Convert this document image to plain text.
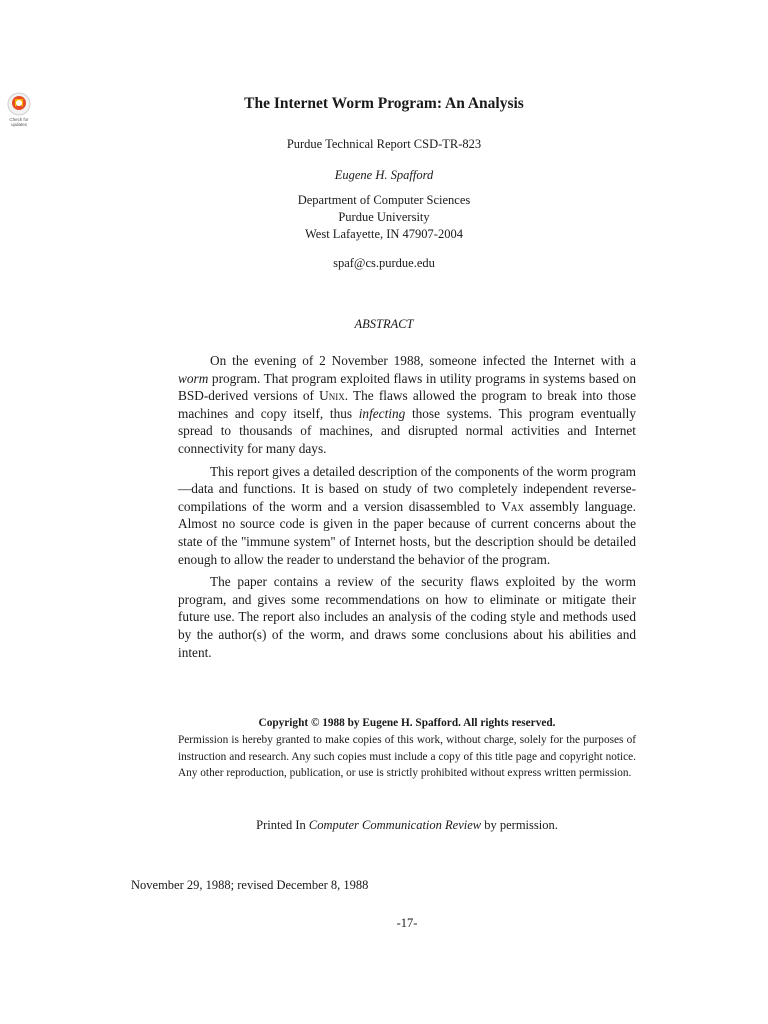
Check for updates
The Internet Worm Program: An Analysis
Purdue Technical Report CSD-TR-823
Eugene H. Spafford
Department of Computer Sciences
Purdue University
West Lafayette, IN 47907-2004
spaf@cs.purdue.edu
ABSTRACT

On the evening of 2 November 1988, someone infected the Internet with a worm program. That program exploited flaws in utility programs in systems based on BSD-derived versions of Unix. The flaws allowed the program to break into those machines and copy itself, thus infecting those systems. This program eventually spread to thousands of machines, and disrupted normal activities and Internet connectivity for many days.

This report gives a detailed description of the components of the worm program—data and functions. It is based on study of two completely independent reverse-compilations of the worm and a version disassembled to Vax assembly language. Almost no source code is given in the paper because of current concerns about the state of the ''immune system'' of Internet hosts, but the description should be detailed enough to allow the reader to understand the behavior of the program.

The paper contains a review of the security flaws exploited by the worm program, and gives some recommendations on how to eliminate or mitigate their future use. The report also includes an analysis of the coding style and methods used by the author(s) of the worm, and draws some conclusions about his abilities and intent.

Copyright © 1988 by Eugene H. Spafford. All rights reserved.
Permission is hereby granted to make copies of this work, without charge, solely for the purposes of instruction and research. Any such copies must include a copy of this title page and copyright notice. Any other reproduction, publication, or use is strictly prohibited without express written permission.
Printed In Computer Communication Review by permission.
November 29, 1988; revised December 8, 1988
-17-
